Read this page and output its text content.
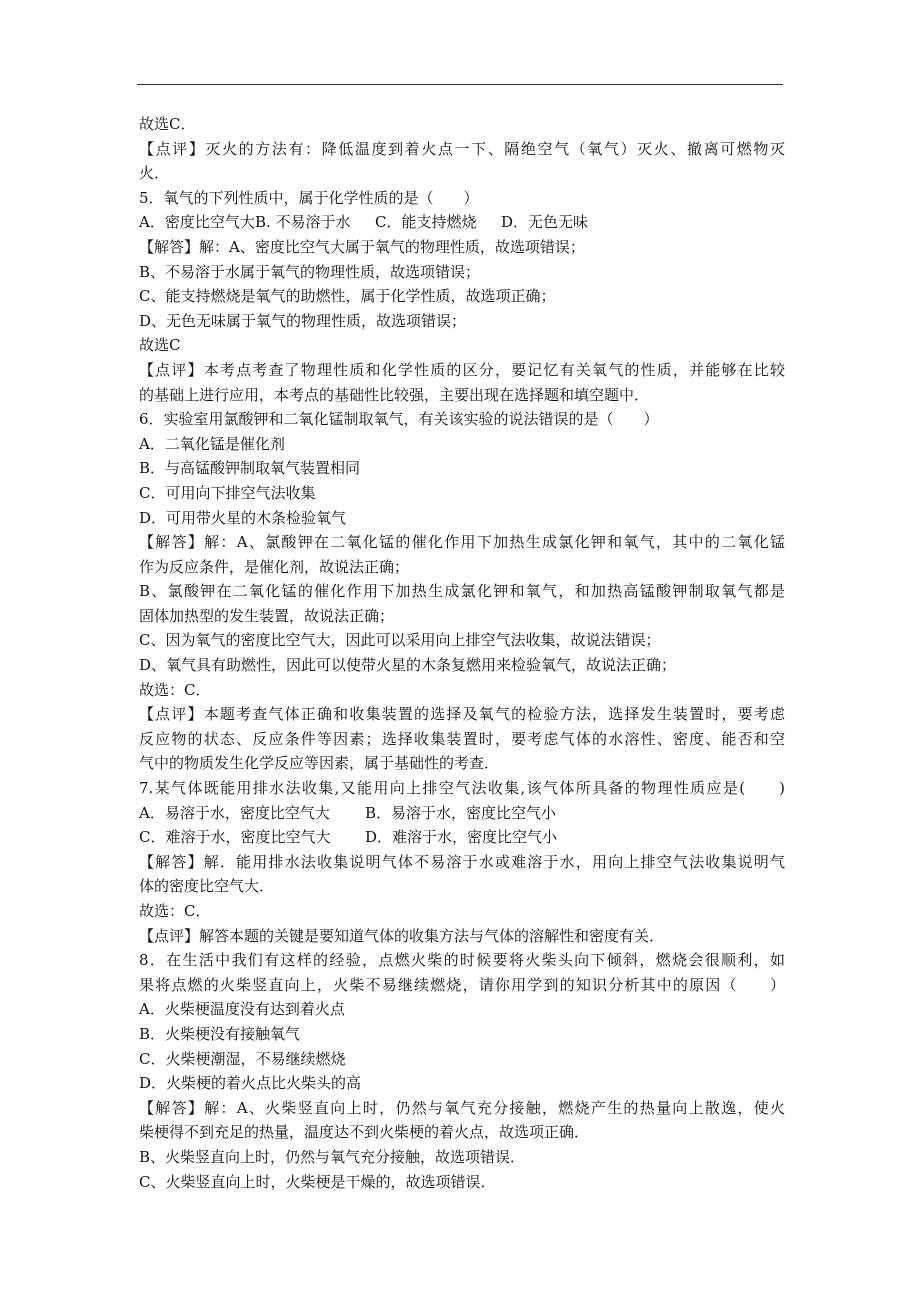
故选C．
【点评】灭火的方法有：降低温度到着火点一下、隔绝空气（氧气）灭火、撤离可燃物灭
火．
5．氧气的下列性质中，属于化学性质的是（　　）
A．密度比空气大 B. 不易溶于水	C．能支持燃烧	D．无色无味
【解答】解：A、密度比空气大属于氧气的物理性质，故选项错误；
B、不易溶于水属于氧气的物理性质，故选项错误；
C、能支持燃烧是氧气的助燃性，属于化学性质，故选项正确；
D、无色无味属于氧气的物理性质，故选项错误；
故选C
【点评】本考点考查了物理性质和化学性质的区分，要记忆有关氧气的性质，并能够在比较
的基础上进行应用，本考点的基础性比较强，主要出现在选择题和填空题中．
6．实验室用氯酸钾和二氧化锰制取氧气，有关该实验的说法错误的是（　　）
A．二氧化锰是催化剂
B．与高锰酸钾制取氧气装置相同
C．可用向下排空气法收集
D．可用带火星的木条检验氧气
【解答】解：A、氯酸钾在二氧化锰的催化作用下加热生成氯化钾和氧气，其中的二氧化锰
作为反应条件，是催化剂，故说法正确；
B、氯酸钾在二氧化锰的催化作用下加热生成氯化钾和氧气，和加热高锰酸钾制取氧气都是
固体加热型的发生装置，故说法正确；
C、因为氧气的密度比空气大，因此可以采用向上排空气法收集，故说法错误；
D、氧气具有助燃性，因此可以使带火星的木条复燃用来检验氧气，故说法正确；
故选：C．
【点评】本题考查气体正确和收集装置的选择及氧气的检验方法，选择发生装置时，要考虑
反应物的状态、反应条件等因素；选择收集装置时，要考虑气体的水溶性、密度、能否和空
气中的物质发生化学反应等因素，属于基础性的考查．
7.某气体既能用排水法收集,又能用向上排空气法收集,该气体所具备的物理性质应是(　　)
A．易溶于水，密度比空气大	B．易溶于水，密度比空气小
C．难溶于水，密度比空气大	D．难溶于水，密度比空气小
【解答】解．能用排水法收集说明气体不易溶于水或难溶于水，用向上排空气法收集说明气
体的密度比空气大．
故选：C．
【点评】解答本题的关键是要知道气体的收集方法与气体的溶解性和密度有关．
8．在生活中我们有这样的经验，点燃火柴的时候要将火柴头向下倾斜，燃烧会很顺利，如
果将点燃的火柴竖直向上，火柴不易继续燃烧，请你用学到的知识分析其中的原因（　　）
A．火柴梗温度没有达到着火点
B．火柴梗没有接触氧气
C．火柴梗潮湿，不易继续燃烧
D．火柴梗的着火点比火柴头的高
【解答】解：A、火柴竖直向上时，仍然与氧气充分接触，燃烧产生的热量向上散逸，使火
柴梗得不到充足的热量，温度达不到火柴梗的着火点，故选项正确．
B、火柴竖直向上时，仍然与氧气充分接触，故选项错误．
C、火柴竖直向上时，火柴梗是干燥的，故选项错误．
